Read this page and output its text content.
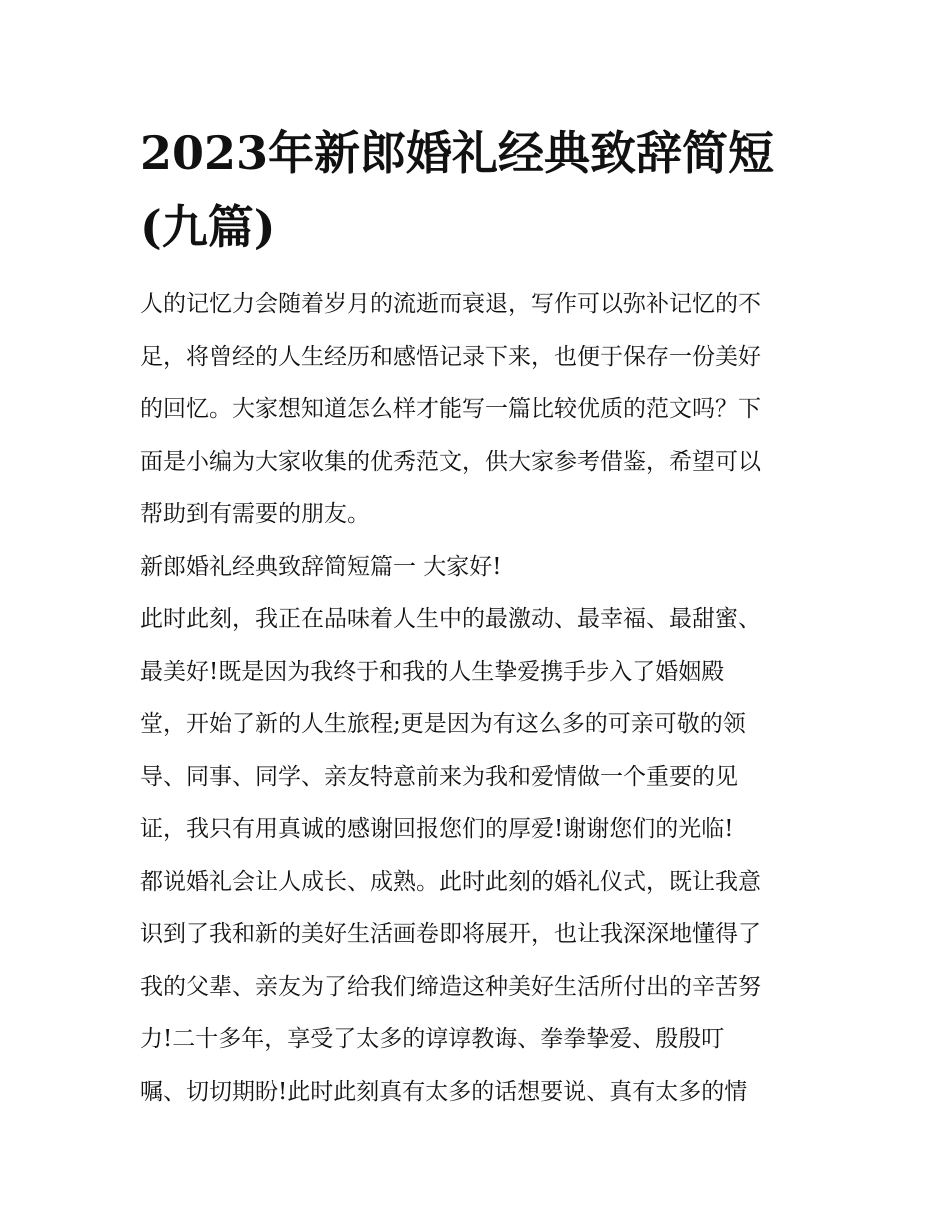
2023年新郎婚礼经典致辞简短
(九篇)
人的记忆力会随着岁月的流逝而衰退，写作可以弥补记忆的不
足，将曾经的人生经历和感悟记录下来，也便于保存一份美好
的回忆。大家想知道怎么样才能写一篇比较优质的范文吗？下
面是小编为大家收集的优秀范文，供大家参考借鉴，希望可以
帮助到有需要的朋友。
新郎婚礼经典致辞简短篇一 大家好!
此时此刻，我正在品味着人生中的最激动、最幸福、最甜蜜、
最美好!既是因为我终于和我的人生挚爱携手步入了婚姻殿
堂，开始了新的人生旅程;更是因为有这么多的可亲可敬的领
导、同事、同学、亲友特意前来为我和爱情做一个重要的见
证，我只有用真诚的感谢回报您们的厚爱!谢谢您们的光临!
都说婚礼会让人成长、成熟。此时此刻的婚礼仪式，既让我意
识到了我和新的美好生活画卷即将展开，也让我深深地懂得了
我的父辈、亲友为了给我们缔造这种美好生活所付出的辛苦努
力!二十多年，享受了太多的谆谆教诲、拳拳挚爱、殷殷叮
嘱、切切期盼!此时此刻真有太多的话想要说、真有太多的情
